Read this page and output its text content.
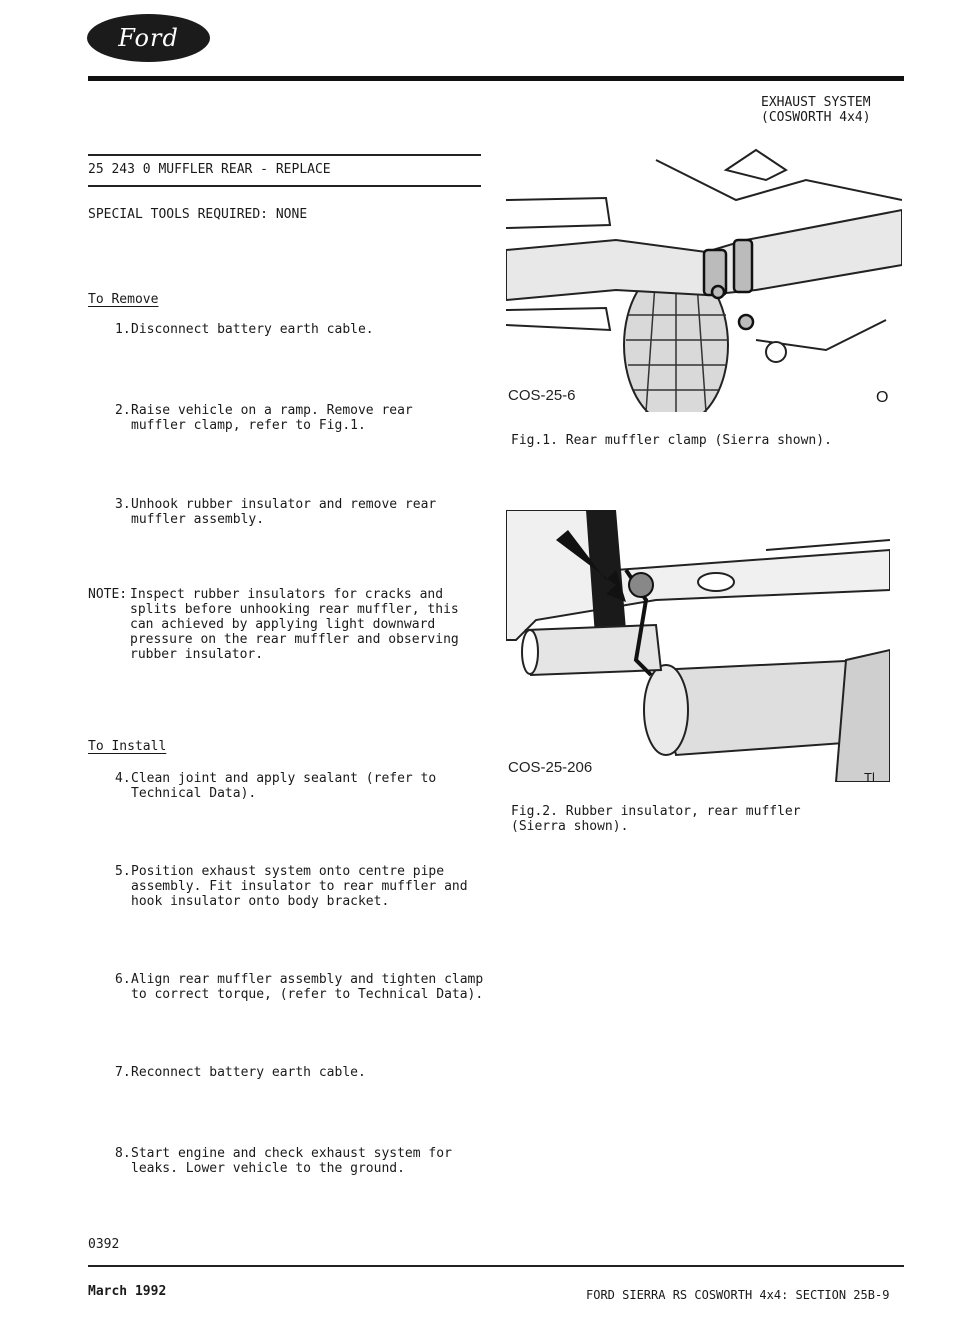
Ford
EXHAUST SYSTEM
(COSWORTH 4x4)
25 243 0 MUFFLER REAR - REPLACE
SPECIAL TOOLS REQUIRED: NONE
To Remove
1. Disconnect battery earth cable.
2. Raise vehicle on a ramp. Remove rear
muffler clamp, refer to Fig.1.
3. Unhook rubber insulator and remove rear
muffler assembly.
NOTE: Inspect rubber insulators for cracks and
splits before unhooking rear muffler, this
can achieved by applying light downward
pressure on the rear muffler and observing
rubber insulator.
To Install
4. Clean joint and apply sealant (refer to
Technical Data).
5. Position exhaust system onto centre pipe
assembly. Fit insulator to rear muffler and
hook insulator onto body bracket.
6. Align rear muffler assembly and tighten clamp
to correct torque, (refer to Technical Data).
7. Reconnect battery earth cable.
8. Start engine and check exhaust system for
leaks. Lower vehicle to the ground.
COS-25-6	O
Fig.1. Rear muffler clamp (Sierra shown).
COS-25-206
Tl
Fig.2. Rubber insulator, rear muffler
(Sierra shown).
0392
March 1992	FORD SIERRA RS COSWORTH 4x4: SECTION 25B-9
